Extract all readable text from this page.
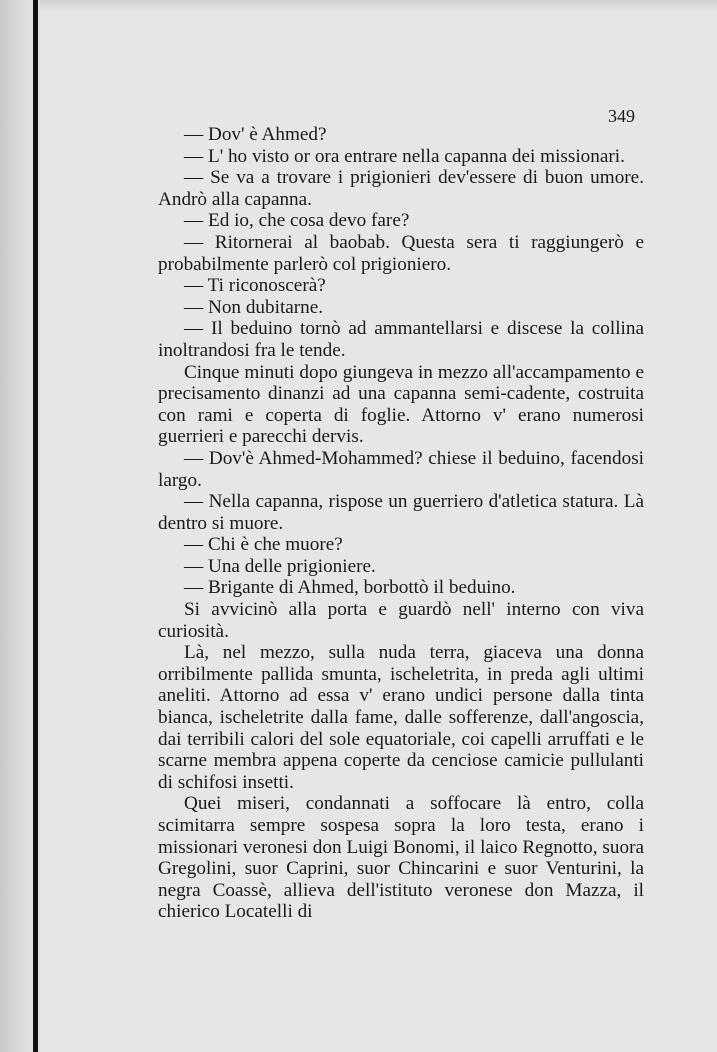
349

— Dov' è Ahmed?

— L' ho visto or ora entrare nella capanna dei missionari.

— Se va a trovare i prigionieri dev'essere di buon umore. Andrò alla capanna.

— Ed io, che cosa devo fare?

— Ritornerai al baobab. Questa sera ti raggiungerò e probabilmente parlerò col prigioniero.

— Ti riconoscerà?

— Non dubitarne.

— Il beduino tornò ad ammantellarsi e discese la collina inoltrandosi fra le tende.

Cinque minuti dopo giungeva in mezzo all'accampamento e precisamento dinanzi ad una capanna semi-cadente, costruita con rami e coperta di foglie. Attorno v' erano numerosi guerrieri e parecchi dervis.

— Dov'è Ahmed-Mohammed? chiese il beduino, facendosi largo.

— Nella capanna, rispose un guerriero d'atletica statura. Là dentro si muore.

— Chi è che muore?

— Una delle prigioniere.

— Brigante di Ahmed, borbottò il beduino.

Si avvicinò alla porta e guardò nell' interno con viva curiosità.

Là, nel mezzo, sulla nuda terra, giaceva una donna orribilmente pallida smunta, ischeletrita, in preda agli ultimi aneliti. Attorno ad essa v' erano undici persone dalla tinta bianca, ischeletrite dalla fame, dalle sofferenze, dall'angoscia, dai terribili calori del sole equatoriale, coi capelli arruffati e le scarne membra appena coperte da cenciose camicie pullulanti di schifosi insetti.

Quei miseri, condannati a soffocare là entro, colla scimitarra sempre sospesa sopra la loro testa, erano i missionari veronesi don Luigi Bonomi, il laico Regnotto, suora Gregolini, suor Caprini, suor Chincarini e suor Venturini, la negra Coassè, allieva dell'istituto veronese don Mazza, il chierico Locatelli di
